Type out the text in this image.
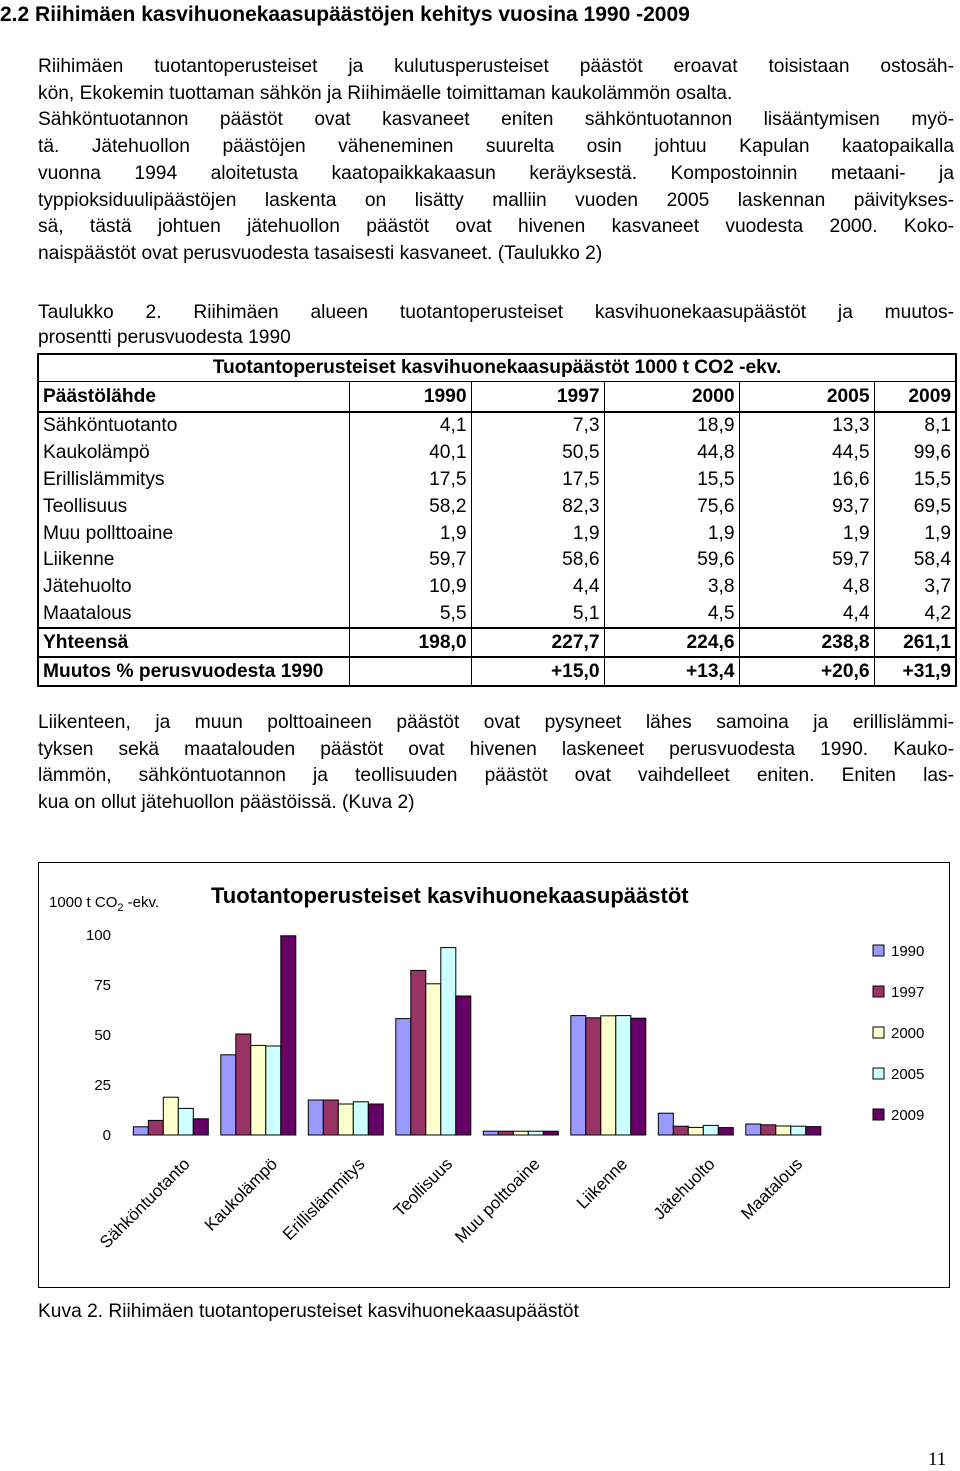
2.2 Riihimäen kasvihuonekaasupäästöjen kehitys vuosina 1990 -2009

Riihimäen tuotantoperusteiset ja kulutusperusteiset päästöt eroavat toisistaan ostosäh-
kön, Ekokemin tuottaman sähkön ja Riihimäelle toimittaman kaukolämmön osalta.
Sähköntuotannon päästöt ovat kasvaneet eniten sähköntuotannon lisääntymisen myö-
tä. Jätehuollon päästöjen väheneminen suurelta osin johtuu Kapulan kaatopaikalla
vuonna 1994 aloitetusta kaatopaikkakaasun keräyksestä. Kompostoinnin metaani- ja
typpioksiduulipäästöjen laskenta on lisätty malliin vuoden 2005 laskennan päivitykses-
sä, tästä johtuen jätehuollon päästöt ovat hivenen kasvaneet vuodesta 2000. Koko-
naispäästöt ovat perusvuodesta tasaisesti kasvaneet. (Taulukko 2)

Taulukko 2. Riihimäen alueen tuotantoperusteiset kasvihuonekaasupäästöt ja muutos-
prosentti perusvuodesta 1990

Tuotantoperusteiset kasvihuonekaasupäästöt 1000 t CO2 -ekv.					
Päästölähde	1990	1997	2000	2005	2009
Sähköntuotanto	4,1	7,3	18,9	13,3	8,1
Kaukolämpö	40,1	50,5	44,8	44,5	99,6
Erillislämmitys	17,5	17,5	15,5	16,6	15,5
Teollisuus	58,2	82,3	75,6	93,7	69,5
Muu pollttoaine	1,9	1,9	1,9	1,9	1,9
Liikenne	59,7	58,6	59,6	59,7	58,4
Jätehuolto	10,9	4,4	3,8	4,8	3,7
Maatalous	5,5	5,1	4,5	4,4	4,2
Yhteensä	198,0	227,7	224,6	238,8	261,1
Muutos % perusvuodesta 1990		+15,0	+13,4	+20,6	+31,9

Liikenteen, ja muun polttoaineen päästöt ovat pysyneet lähes samoina ja erillislämmi-
tyksen sekä maatalouden päästöt ovat hivenen laskeneet perusvuodesta 1990. Kauko-
lämmön, sähköntuotannon ja teollisuuden päästöt ovat vaihdelleet eniten. Eniten las-
kua on ollut jätehuollon päästöissä. (Kuva 2)

1000 t $CO_2$ -ekv. Tuotantoperusteiset kasvihuonekaasupäästöt
0
25
50
75
100
Sähköntuotanto Kaukolämpö
Erillislämmitys Teollisuus
Muu polttoaine Liikenne Jätehuolto Maatalous
1990
1997
2000
2005
2009

Kuva 2. Riihimäen tuotantoperusteiset kasvihuonekaasupäästöt

11
